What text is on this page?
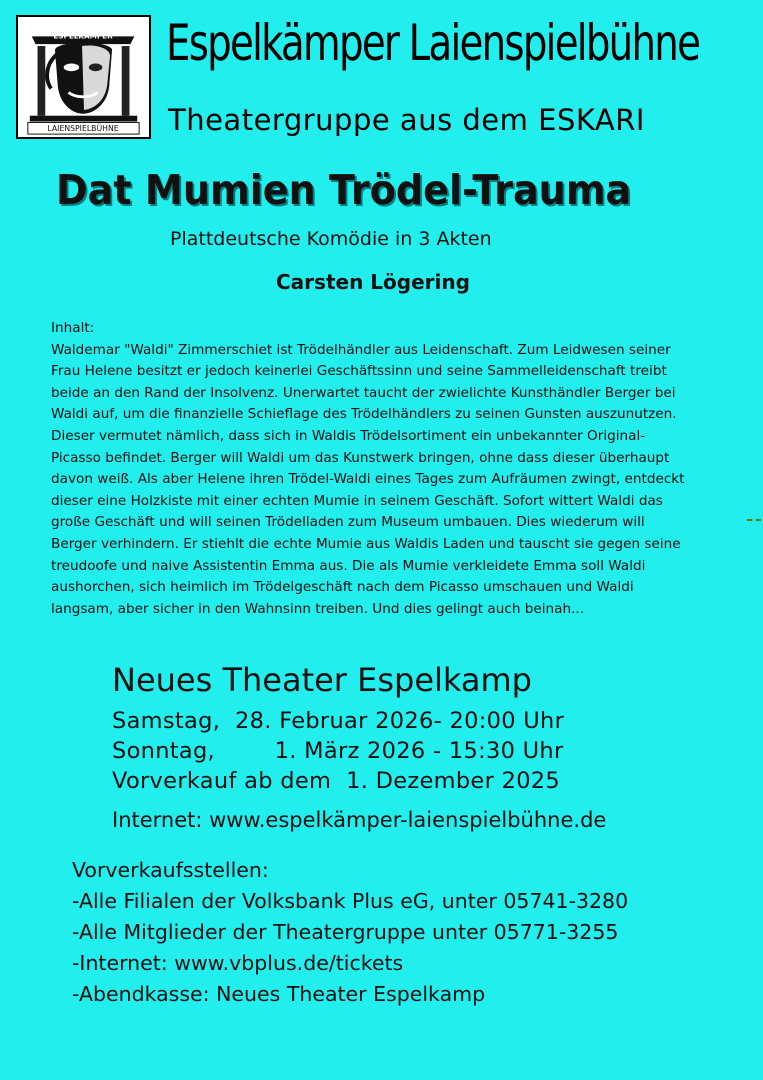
ESPELKÄMPER
LAIENSPIELBÜHNE
Espelkämper Laienspielbühne
Theatergruppe aus dem ESKARI
Dat Mumien Trödel-Trauma
Plattdeutsche Komödie in 3 Akten
Carsten Lögering
Inhalt:
Waldemar "Waldi" Zimmerschiet ist Trödelhändler aus Leidenschaft. Zum Leidwesen seiner Frau Helene besitzt er jedoch keinerlei Geschäftssinn und seine Sammelleidenschaft treibt beide an den Rand der Insolvenz. Unerwartet taucht der zwielichte Kunsthändler Berger bei Waldi auf, um die finanzielle Schieflage des Trödelhändlers zu seinen Gunsten auszunutzen. Dieser vermutet nämlich, dass sich in Waldis Trödelsortiment ein unbekannter Original-Picasso befindet. Berger will Waldi um das Kunstwerk bringen, ohne dass dieser überhaupt davon weiß. Als aber Helene ihren Trödel-Waldi eines Tages zum Aufräumen zwingt, entdeckt dieser eine Holzkiste mit einer echten Mumie in seinem Geschäft. Sofort wittert Waldi das große Geschäft und will seinen Trödelladen zum Museum umbauen. Dies wiederum will Berger verhindern. Er stiehlt die echte Mumie aus Waldis Laden und tauscht sie gegen seine treudoofe und naive Assistentin Emma aus. Die als Mumie verkleidete Emma soll Waldi aushorchen, sich heimlich im Trödelgeschäft nach dem Picasso umschauen und Waldi langsam, aber sicher in den Wahnsinn treiben. Und dies gelingt auch beinah...
Neues Theater Espelkamp
Samstag,  28. Februar 2026- 20:00 Uhr
Sonntag,        1. März 2026 - 15:30 Uhr
Vorverkauf ab dem  1. Dezember 2025
Internet: www.espelkämper-laienspielbühne.de
Vorverkaufsstellen:
-Alle Filialen der Volksbank Plus eG, unter 05741-3280
-Alle Mitglieder der Theatergruppe unter 05771-3255
-Internet: www.vbplus.de/tickets
-Abendkasse: Neues Theater Espelkamp
